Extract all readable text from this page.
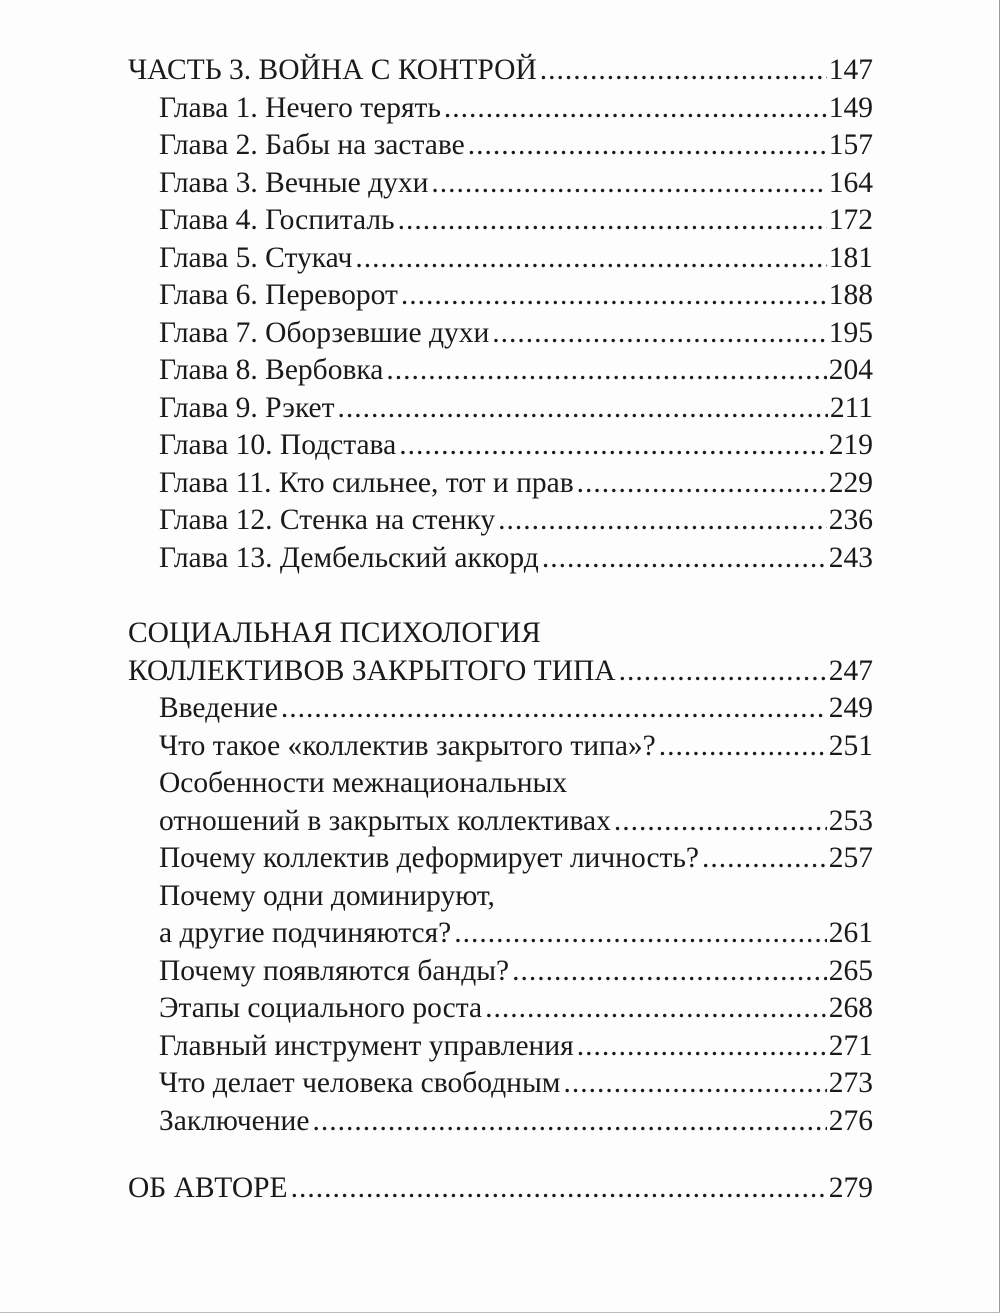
ЧАСТЬ 3. ВОЙНА С КОНТРОЙ .....	147
Глава 1. Нечего терять .....	149
Глава 2. Бабы на заставе .....	157
Глава 3. Вечные духи .....	164
Глава 4. Госпиталь .....	172
Глава 5. Стукач .....	181
Глава 6. Переворот .....	188
Глава 7. Оборзевшие духи .....	195
Глава 8. Вербовка .....	204
Глава 9. Рэкет .....	211
Глава 10. Подстава .....	219
Глава 11. Кто сильнее, тот и прав .....	229
Глава 12. Стенка на стенку .....	236
Глава 13. Дембельский аккорд .....	243
СОЦИАЛЬНАЯ ПСИХОЛОГИЯ
КОЛЛЕКТИВОВ ЗАКРЫТОГО ТИПА .....	247
Введение .....	249
Что такое «коллектив закрытого типа»? .....	251
Особенности межнациональных
отношений в закрытых коллективах .....	253
Почему коллектив деформирует личность? .....	257
Почему одни доминируют,
а другие подчиняются? .....	261
Почему появляются банды? .....	265
Этапы социального роста .....	268
Главный инструмент управления .....	271
Что делает человека свободным .....	273
Заключение .....	276
ОБ АВТОРЕ .....	279
